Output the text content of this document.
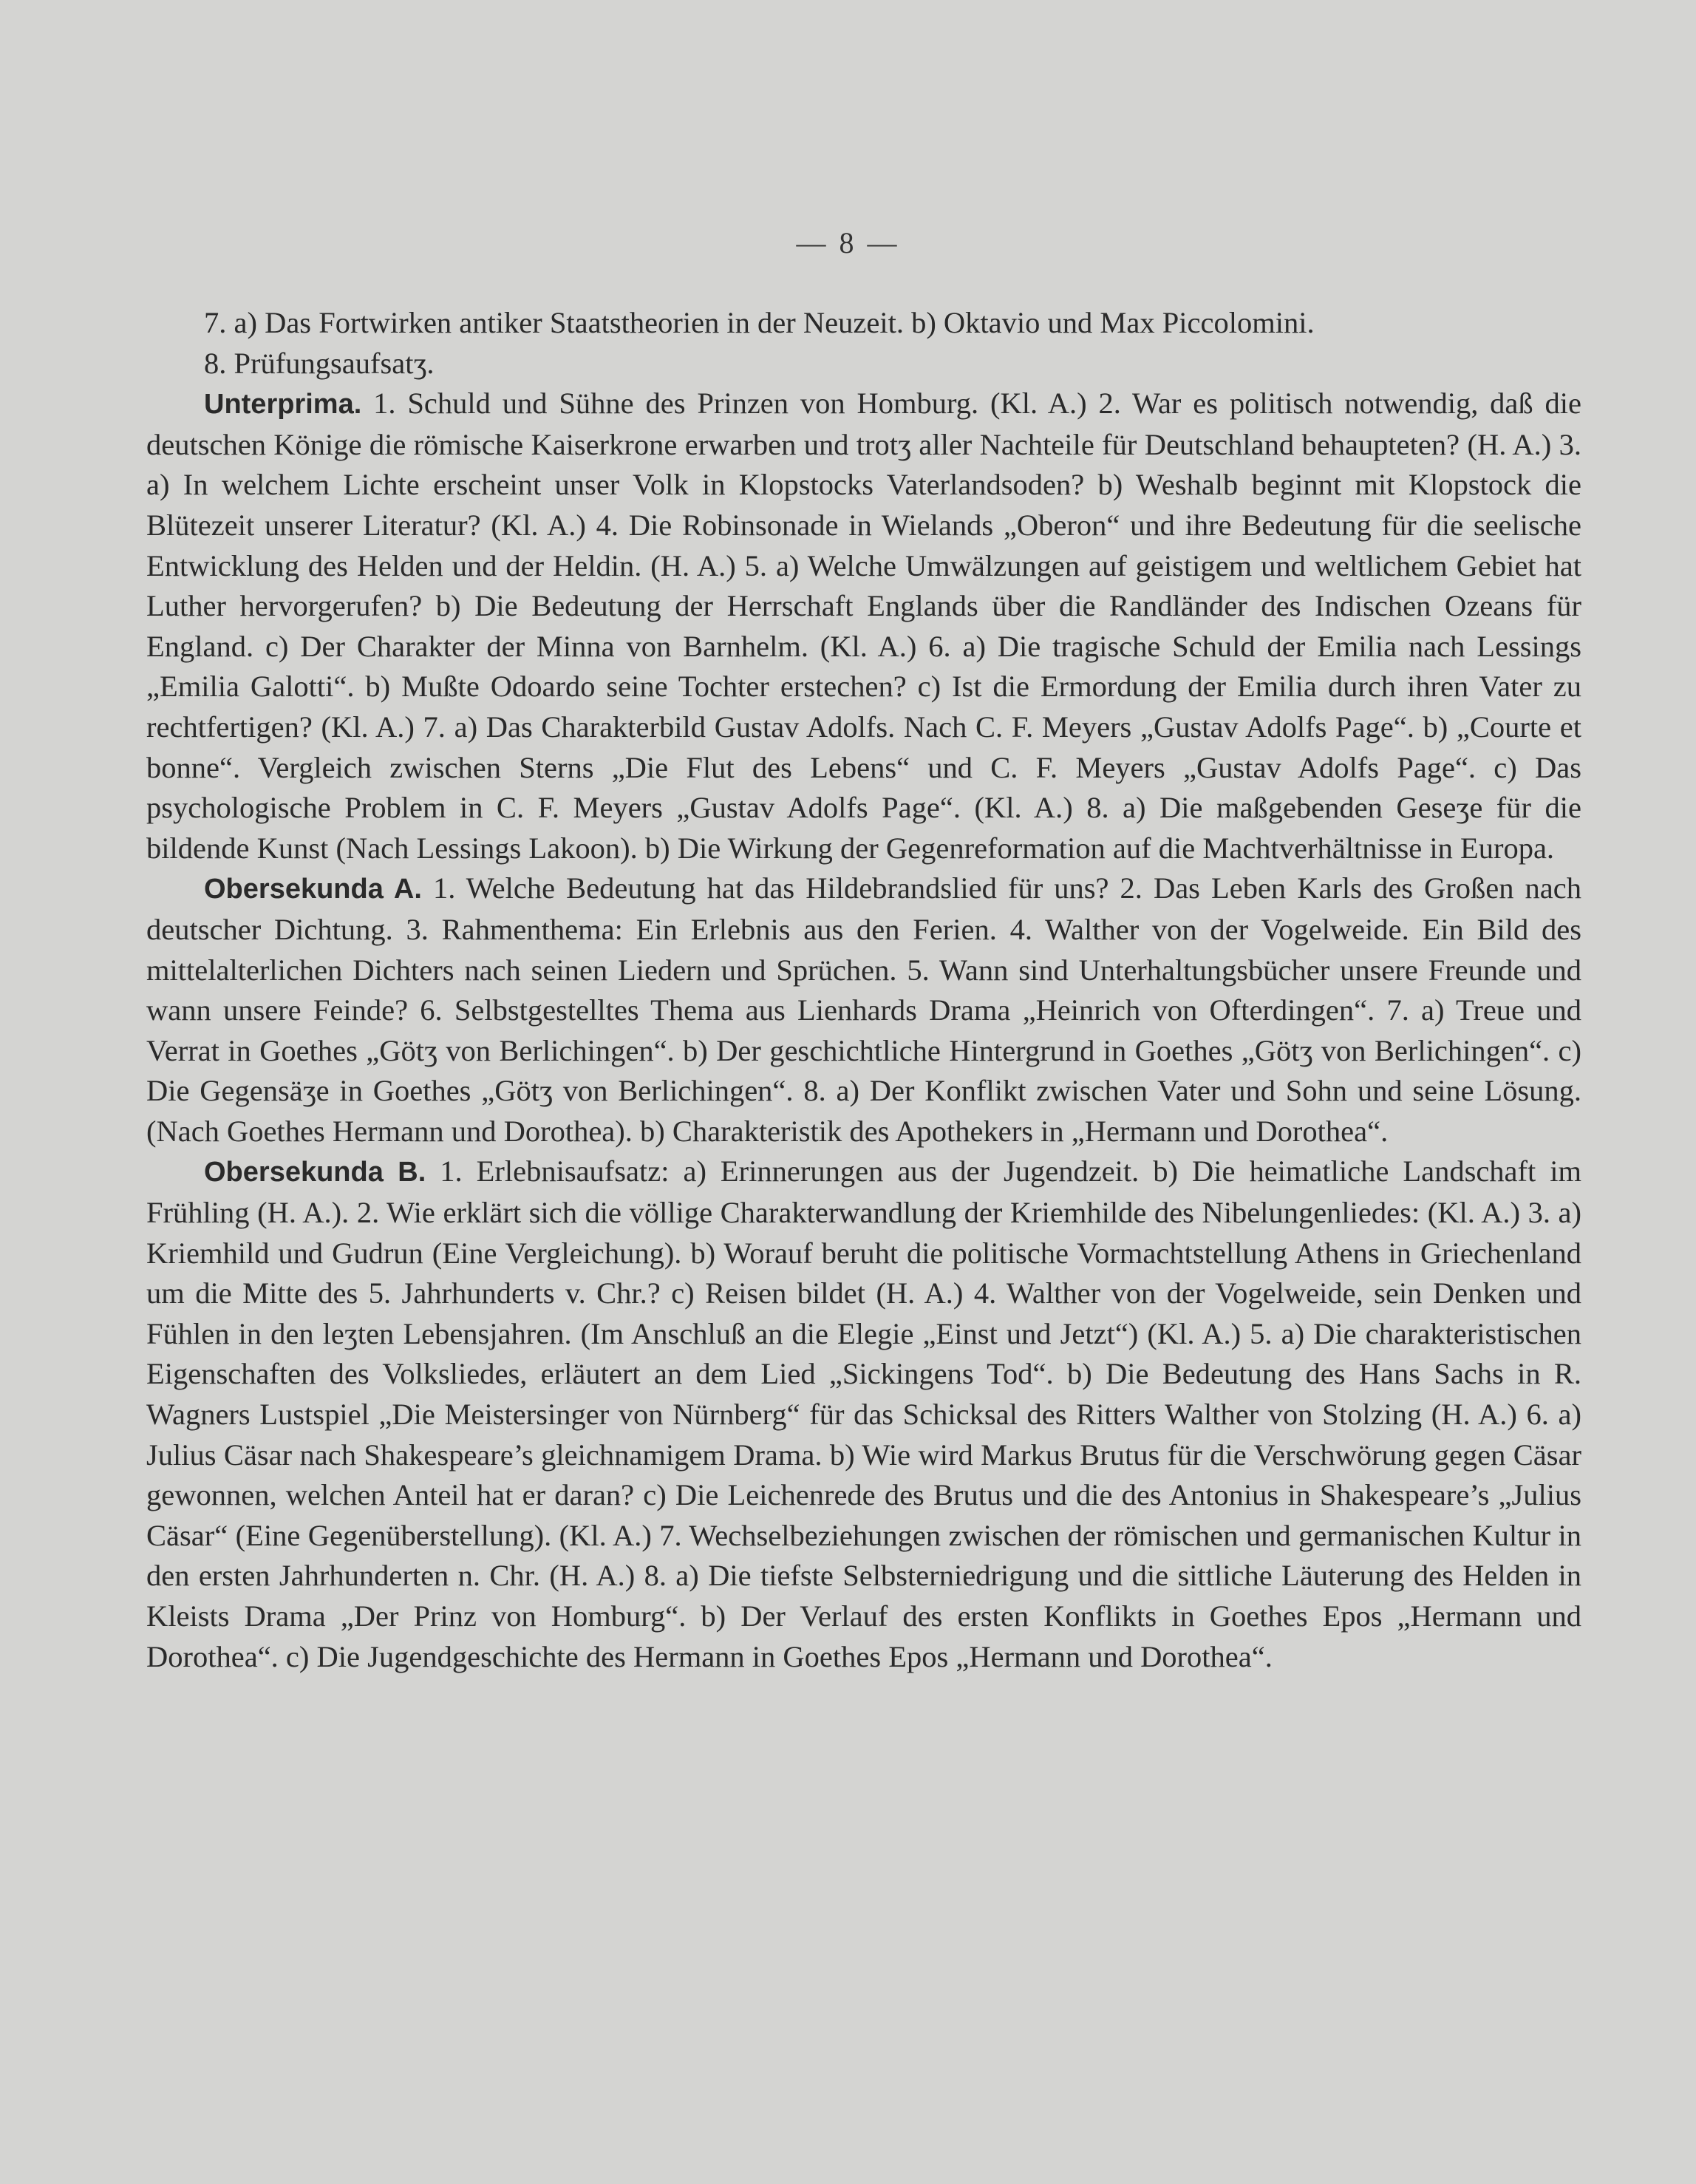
— 8 —

7. a) Das Fortwirken antiker Staatstheorien in der Neuzeit. b) Oktavio und Max Piccolomini.

8. Prüfungsaufsatʒ.

Unterprima. 1. Schuld und Sühne des Prinzen von Homburg. (Kl. A.) 2. War es politisch notwendig, daß die deutschen Könige die römische Kaiserkrone erwarben und trotʒ aller Nachteile für Deutschland behaupteten? (H. A.) 3. a) In welchem Lichte erscheint unser Volk in Klopstocks Vaterlandsoden? b) Weshalb beginnt mit Klopstock die Blütezeit unserer Literatur? (Kl. A.) 4. Die Robinsonade in Wielands „Oberon“ und ihre Bedeutung für die seelische Entwicklung des Helden und der Heldin. (H. A.) 5. a) Welche Umwälzungen auf geistigem und weltlichem Gebiet hat Luther hervorgerufen? b) Die Bedeutung der Herrschaft Englands über die Randländer des Indischen Ozeans für England. c) Der Charakter der Minna von Barnhelm. (Kl. A.) 6. a) Die tragische Schuld der Emilia nach Lessings „Emilia Galotti“. b) Mußte Odoardo seine Tochter erstechen? c) Ist die Ermordung der Emilia durch ihren Vater zu rechtfertigen? (Kl. A.) 7. a) Das Charakterbild Gustav Adolfs. Nach C. F. Meyers „Gustav Adolfs Page“. b) „Courte et bonne“. Vergleich zwischen Sterns „Die Flut des Lebens“ und C. F. Meyers „Gustav Adolfs Page“. c) Das psychologische Problem in C. F. Meyers „Gustav Adolfs Page“. (Kl. A.) 8. a) Die maßgebenden Geseʒe für die bildende Kunst (Nach Lessings Lakoon). b) Die Wirkung der Gegenreformation auf die Machtverhältnisse in Europa.

Obersekunda A. 1. Welche Bedeutung hat das Hildebrandslied für uns? 2. Das Leben Karls des Großen nach deutscher Dichtung. 3. Rahmenthema: Ein Erlebnis aus den Ferien. 4. Walther von der Vogelweide. Ein Bild des mittelalterlichen Dichters nach seinen Liedern und Sprüchen. 5. Wann sind Unterhaltungsbücher unsere Freunde und wann unsere Feinde? 6. Selbstgestelltes Thema aus Lienhards Drama „Heinrich von Ofterdingen“. 7. a) Treue und Verrat in Goethes „Götʒ von Berlichingen“. b) Der geschichtliche Hintergrund in Goethes „Götʒ von Berlichingen“. c) Die Gegensäʒe in Goethes „Götʒ von Berlichingen“. 8. a) Der Konflikt zwischen Vater und Sohn und seine Lösung. (Nach Goethes Hermann und Dorothea). b) Charakteristik des Apothekers in „Hermann und Dorothea“.

Obersekunda B. 1. Erlebnisaufsatz: a) Erinnerungen aus der Jugendzeit. b) Die heimatliche Landschaft im Frühling (H. A.). 2. Wie erklärt sich die völlige Charakterwandlung der Kriemhilde des Nibelungenliedes: (Kl. A.) 3. a) Kriemhild und Gudrun (Eine Vergleichung). b) Worauf beruht die politische Vormachtstellung Athens in Griechenland um die Mitte des 5. Jahrhunderts v. Chr.? c) Reisen bildet (H. A.) 4. Walther von der Vogelweide, sein Denken und Fühlen in den leʒten Lebensjahren. (Im Anschluß an die Elegie „Einst und Jetzt“) (Kl. A.) 5. a) Die charakteristischen Eigenschaften des Volksliedes, erläutert an dem Lied „Sickingens Tod“. b) Die Bedeutung des Hans Sachs in R. Wagners Lustspiel „Die Meistersinger von Nürnberg“ für das Schicksal des Ritters Walther von Stolzing (H. A.) 6. a) Julius Cäsar nach Shakespeare’s gleichnamigem Drama. b) Wie wird Markus Brutus für die Verschwörung gegen Cäsar gewonnen, welchen Anteil hat er daran? c) Die Leichenrede des Brutus und die des Antonius in Shakespeare’s „Julius Cäsar“ (Eine Gegenüberstellung). (Kl. A.) 7. Wechselbeziehungen zwischen der römischen und germanischen Kultur in den ersten Jahrhunderten n. Chr. (H. A.) 8. a) Die tiefste Selbsterniedrigung und die sittliche Läuterung des Helden in Kleists Drama „Der Prinz von Homburg“. b) Der Verlauf des ersten Konflikts in Goethes Epos „Hermann und Dorothea“. c) Die Jugendgeschichte des Hermann in Goethes Epos „Hermann und Dorothea“.
